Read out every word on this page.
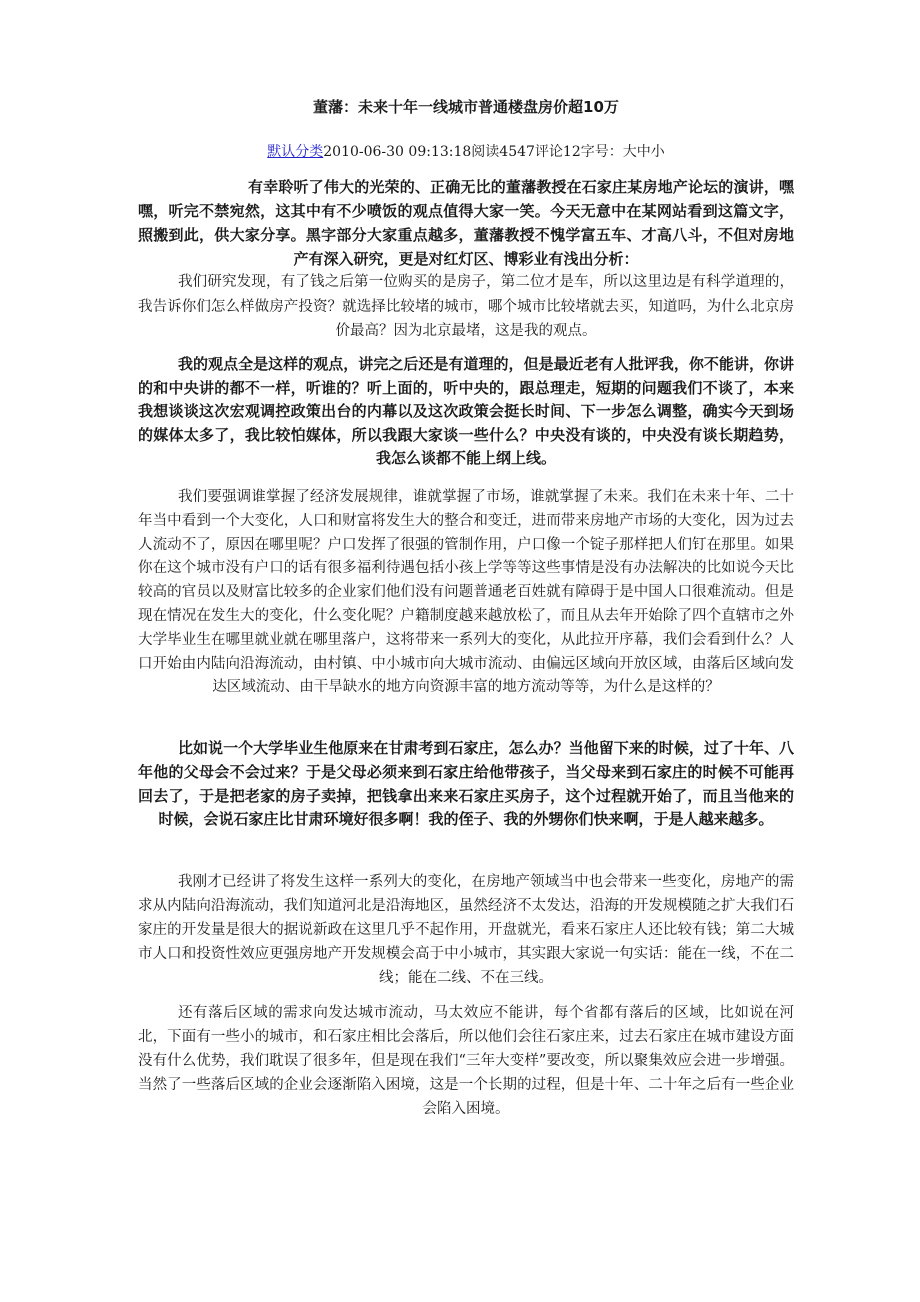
董藩：未来十年一线城市普通楼盘房价超10万
默认分类2010-06-30 09:13:18阅读4547评论12字号：大中小

有幸聆听了伟大的光荣的、正确无比的董藩教授在石家庄某房地产论坛的演讲，嘿嘿，听完不禁宛然，这其中有不少喷饭的观点值得大家一笑。今天无意中在某网站看到这篇文字，照搬到此，供大家分享。黑字部分大家重点越多，董藩教授不愧学富五车、才高八斗，不但对房地产有深入研究，更是对红灯区、博彩业有浅出分析：

我们研究发现，有了钱之后第一位购买的是房子，第二位才是车，所以这里边是有科学道理的，我告诉你们怎么样做房产投资？就选择比较堵的城市，哪个城市比较堵就去买，知道吗，为什么北京房价最高？因为北京最堵，这是我的观点。

我的观点全是这样的观点，讲完之后还是有道理的，但是最近老有人批评我，你不能讲，你讲的和中央讲的都不一样，听谁的？听上面的，听中央的，跟总理走，短期的问题我们不谈了，本来我想谈谈这次宏观调控政策出台的内幕以及这次政策会挺长时间、下一步怎么调整，确实今天到场的媒体太多了，我比较怕媒体，所以我跟大家谈一些什么？中央没有谈的，中央没有谈长期趋势，我怎么谈都不能上纲上线。

我们要强调谁掌握了经济发展规律，谁就掌握了市场，谁就掌握了未来。我们在未来十年、二十年当中看到一个大变化，人口和财富将发生大的整合和变迁，进而带来房地产市场的大变化，因为过去人流动不了，原因在哪里呢？户口发挥了很强的管制作用，户口像一个锭子那样把人们钉在那里。如果你在这个城市没有户口的话有很多福利待遇包括小孩上学等等这些事情是没有办法解决的比如说今天比较高的官员以及财富比较多的企业家们他们没有问题普通老百姓就有障碍于是中国人口很难流动。但是现在情况在发生大的变化，什么变化呢？户籍制度越来越放松了，而且从去年开始除了四个直辖市之外 大学毕业生在哪里就业就在哪里落户，这将带来一系列大的变化，从此拉开序幕，我们会看到什么？人口开始由内陆向沿海流动，由村镇、中小城市向大城市流动、由偏远区域向开放区域，由落后区域向发达区域流动、由干旱缺水的地方向资源丰富的地方流动等等，为什么是这样的？

比如说一个大学毕业生他原来在甘肃考到石家庄，怎么办？当他留下来的时候，过了十年、八年他的父母会不会过来？于是父母必须来到石家庄给他带孩子，当父母来到石家庄的时候不可能再回去了，于是把老家的房子卖掉，把钱拿出来来石家庄买房子，这个过程就开始了，而且当他来的时候，会说石家庄比甘肃环境好很多啊！我的侄子、我的外甥你们快来啊，于是人越来越多。

我刚才已经讲了将发生这样一系列大的变化，在房地产领域当中也会带来一些变化，房地产的需求从内陆向沿海流动，我们知道河北是沿海地区，虽然经济不太发达，沿海的开发规模随之扩大我们石家庄的开发量是很大的据说新政在这里几乎不起作用，开盘就光，看来石家庄人还比较有钱；第二大城市人口和投资性效应更强房地产开发规模会高于中小城市，其实跟大家说一句实话：能在一线，不在二线；能在二线、不在三线。

还有落后区域的需求向发达城市流动，马太效应不能讲，每个省都有落后的区域，比如说在河北，下面有一些小的城市，和石家庄相比会落后，所以他们会往石家庄来，过去石家庄在城市建设方面没有什么优势，我们耽误了很多年，但是现在我们“三年大变样”要改变，所以聚集效应会进一步增强。当然了一些落后区域的企业会逐渐陷入困境，这是一个长期的过程，但是十年、二十年之后有一些企业会陷入困境。
